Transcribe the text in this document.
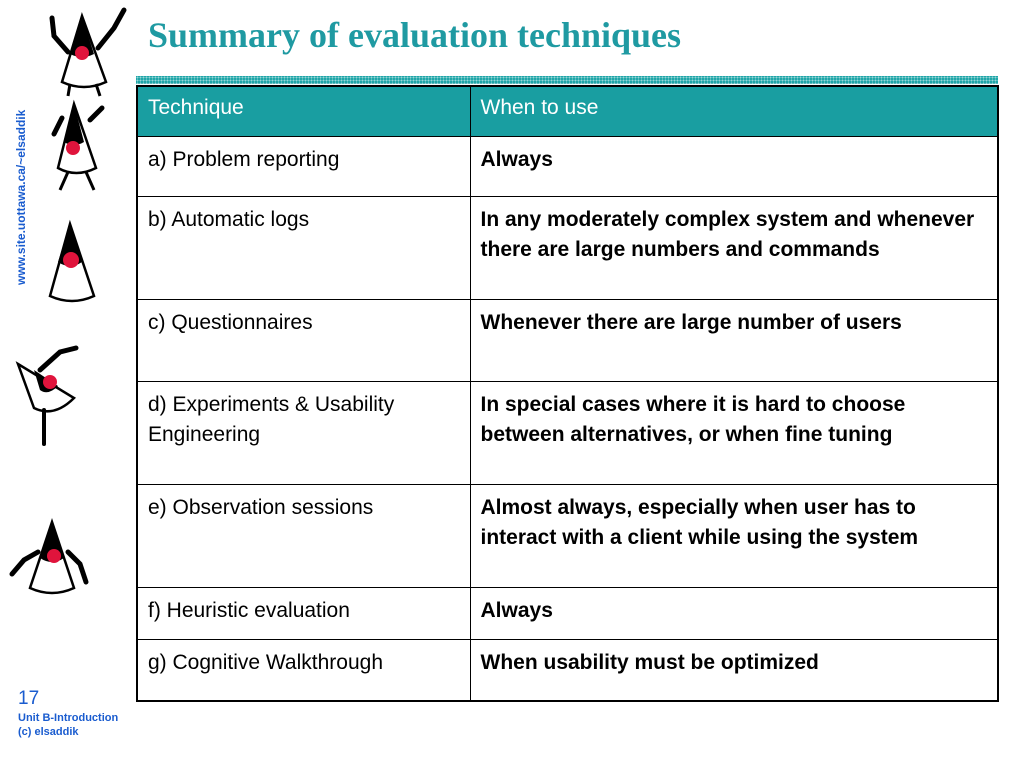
Summary of evaluation techniques
www.site.uottawa.ca/~elsaddik
Technique	When to use
a) Problem reporting	Always
b) Automatic logs	In any moderately complex system and whenever there are large numbers and commands
c) Questionnaires	Whenever there are large number of users
d) Experiments & Usability Engineering	In special cases where it is hard to choose between alternatives, or when fine tuning
e) Observation sessions	Almost always, especially when user has to interact with a client while using the system
f) Heuristic evaluation	Always
g) Cognitive Walkthrough	When usability must be optimized
17
Unit B-Introduction
(c) elsaddik
